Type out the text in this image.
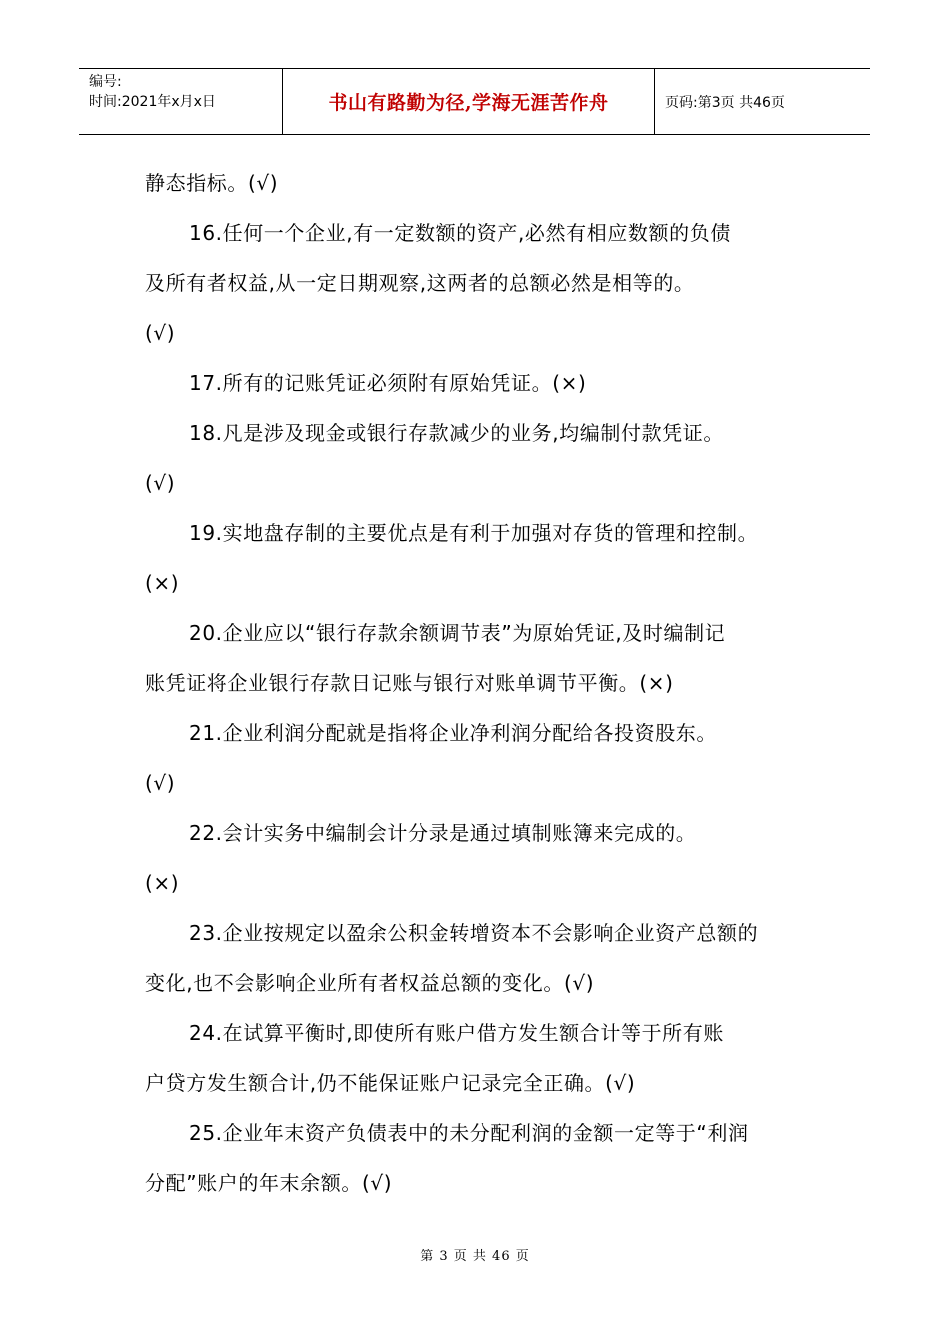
编号:
时间:2021年x月x日	书山有路勤为径,学海无涯苦作舟	页码:第3页 共46页
静态指标。(√)
16.任何一个企业,有一定数额的资产,必然有相应数额的负债
及所有者权益,从一定日期观察,这两者的总额必然是相等的。
(√)
17.所有的记账凭证必须附有原始凭证。(×)
18.凡是涉及现金或银行存款减少的业务,均编制付款凭证。
(√)
19.实地盘存制的主要优点是有利于加强对存货的管理和控制。
(×)
20.企业应以“银行存款余额调节表”为原始凭证,及时编制记
账凭证将企业银行存款日记账与银行对账单调节平衡。(×)
21.企业利润分配就是指将企业净利润分配给各投资股东。
(√)
22.会计实务中编制会计分录是通过填制账簿来完成的。
(×)
23.企业按规定以盈余公积金转增资本不会影响企业资产总额的
变化,也不会影响企业所有者权益总额的变化。(√)
24.在试算平衡时,即使所有账户借方发生额合计等于所有账
户贷方发生额合计,仍不能保证账户记录完全正确。(√)
25.企业年末资产负债表中的未分配利润的金额一定等于“利润
分配”账户的年末余额。(√)
第 3 页 共 46 页
